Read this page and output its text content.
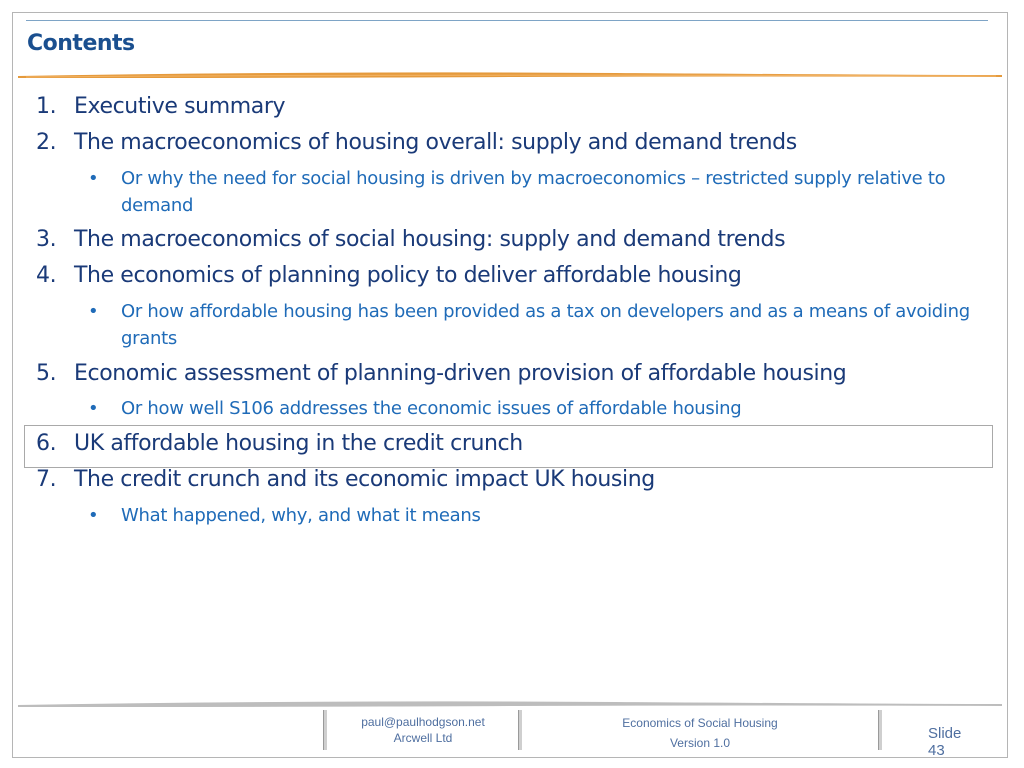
Contents
1. Executive summary
2. The macroeconomics of housing overall: supply and demand trends
• Or why the need for social housing is driven by macroeconomics – restricted supply relative to demand
3. The macroeconomics of social housing: supply and demand trends
4. The economics of planning policy to deliver affordable housing
• Or how affordable housing has been provided as a tax on developers and as a means of avoiding grants
5. Economic assessment of planning-driven provision of affordable housing
• Or how well S106 addresses the economic issues of affordable housing
6. UK affordable housing in the credit crunch
7. The credit crunch and its economic impact UK housing
• What happened, why, and what it means
paul@paulhodgson.net
Arcwell Ltd
Economics of Social Housing
Version 1.0
Slide 43
